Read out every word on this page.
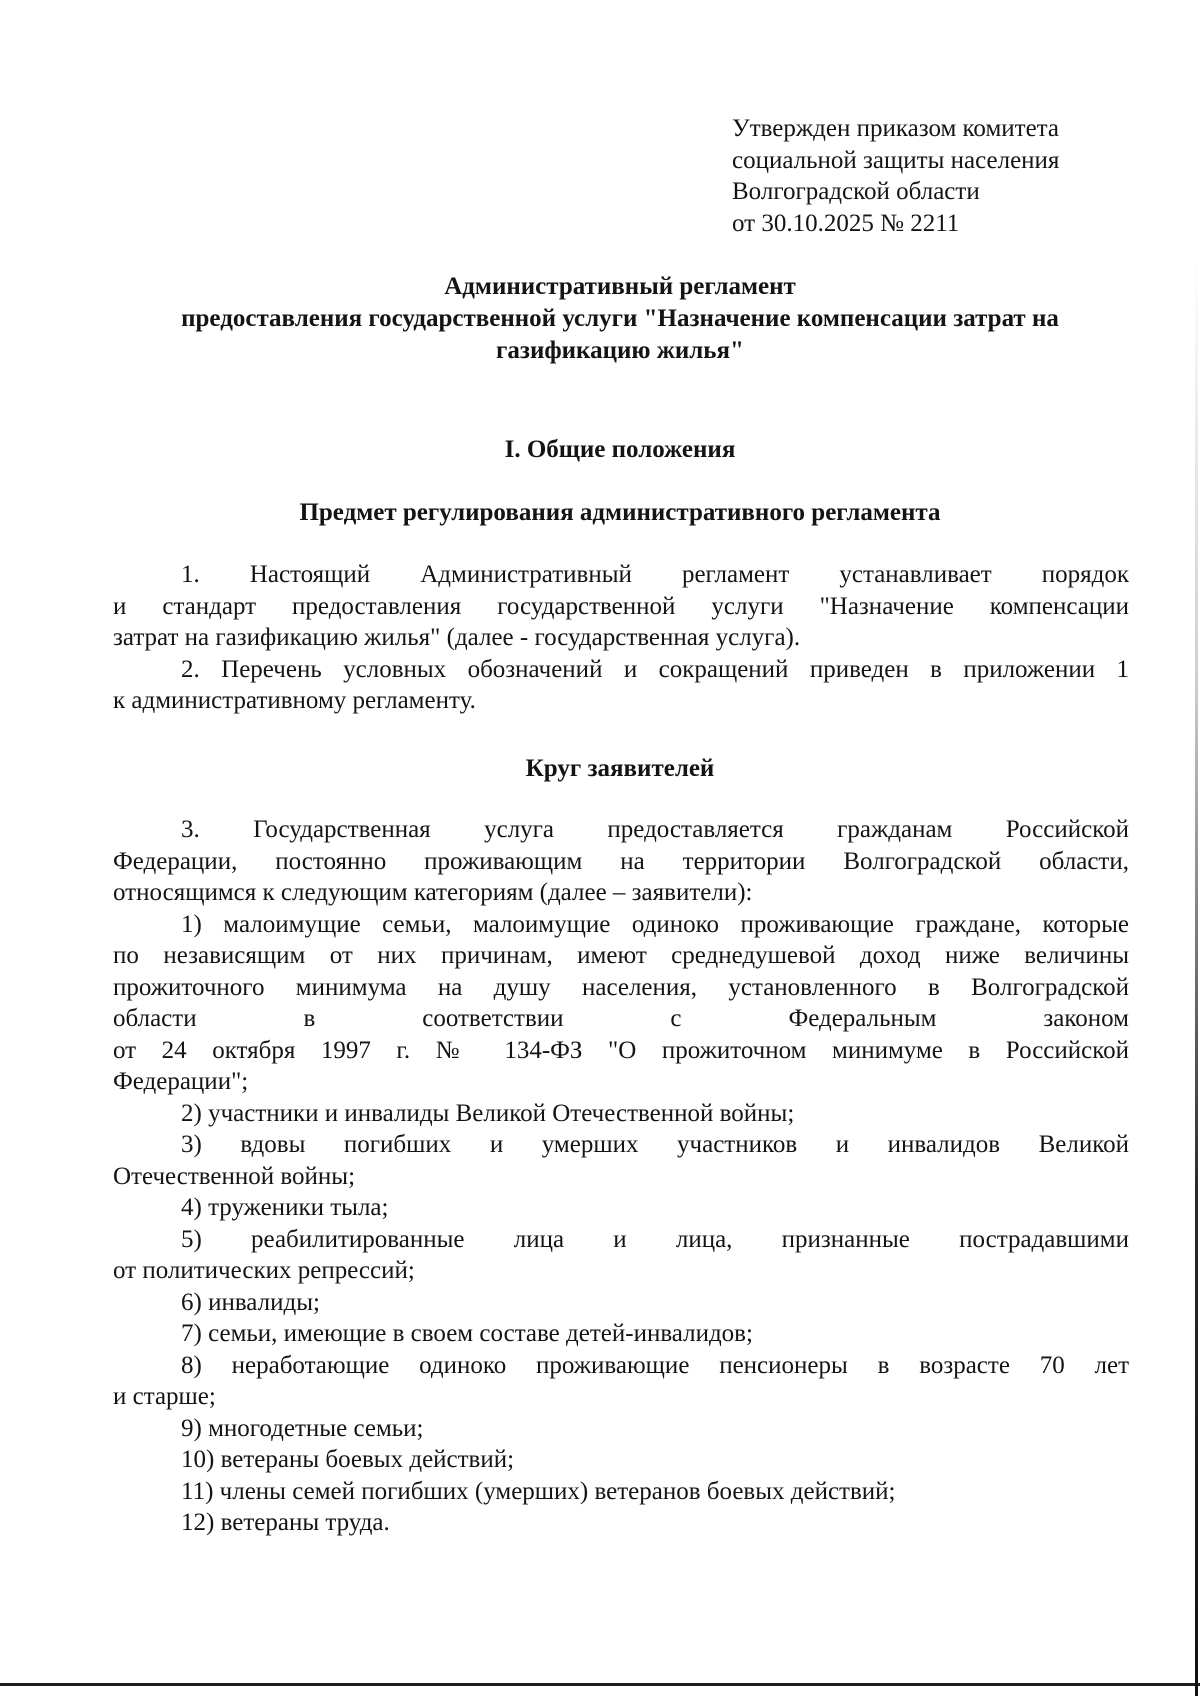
Утвержден приказом комитета
социальной защиты населения
Волгоградской области
от 30.10.2025 № 2211
Административный регламент
предоставления государственной услуги "Назначение компенсации затрат на
газификацию жилья"
I. Общие положения
Предмет регулирования административного регламента
1. Настоящий Административный регламент устанавливает порядок
и стандарт предоставления государственной услуги "Назначение компенсации
затрат на газификацию жилья" (далее - государственная услуга).
2. Перечень условных обозначений и сокращений приведен в приложении 1
к административному регламенту.
Круг заявителей
3. Государственная услуга предоставляется гражданам Российской
Федерации, постоянно проживающим на территории Волгоградской области,
относящимся к следующим категориям (далее – заявители):
1) малоимущие семьи, малоимущие одиноко проживающие граждане, которые
по независящим от них причинам, имеют среднедушевой доход ниже величины
прожиточного минимума на душу населения, установленного в Волгоградской
области в соответствии с Федеральным законом
от 24 октября 1997 г. № 134-ФЗ "О прожиточном минимуме в Российской
Федерации";
2) участники и инвалиды Великой Отечественной войны;
3) вдовы погибших и умерших участников и инвалидов Великой
Отечественной войны;
4) труженики тыла;
5) реабилитированные лица и лица, признанные пострадавшими
от политических репрессий;
6) инвалиды;
7) семьи, имеющие в своем составе детей-инвалидов;
8) неработающие одиноко проживающие пенсионеры в возрасте 70 лет
и старше;
9) многодетные семьи;
10) ветераны боевых действий;
11) члены семей погибших (умерших) ветеранов боевых действий;
12) ветераны труда.
